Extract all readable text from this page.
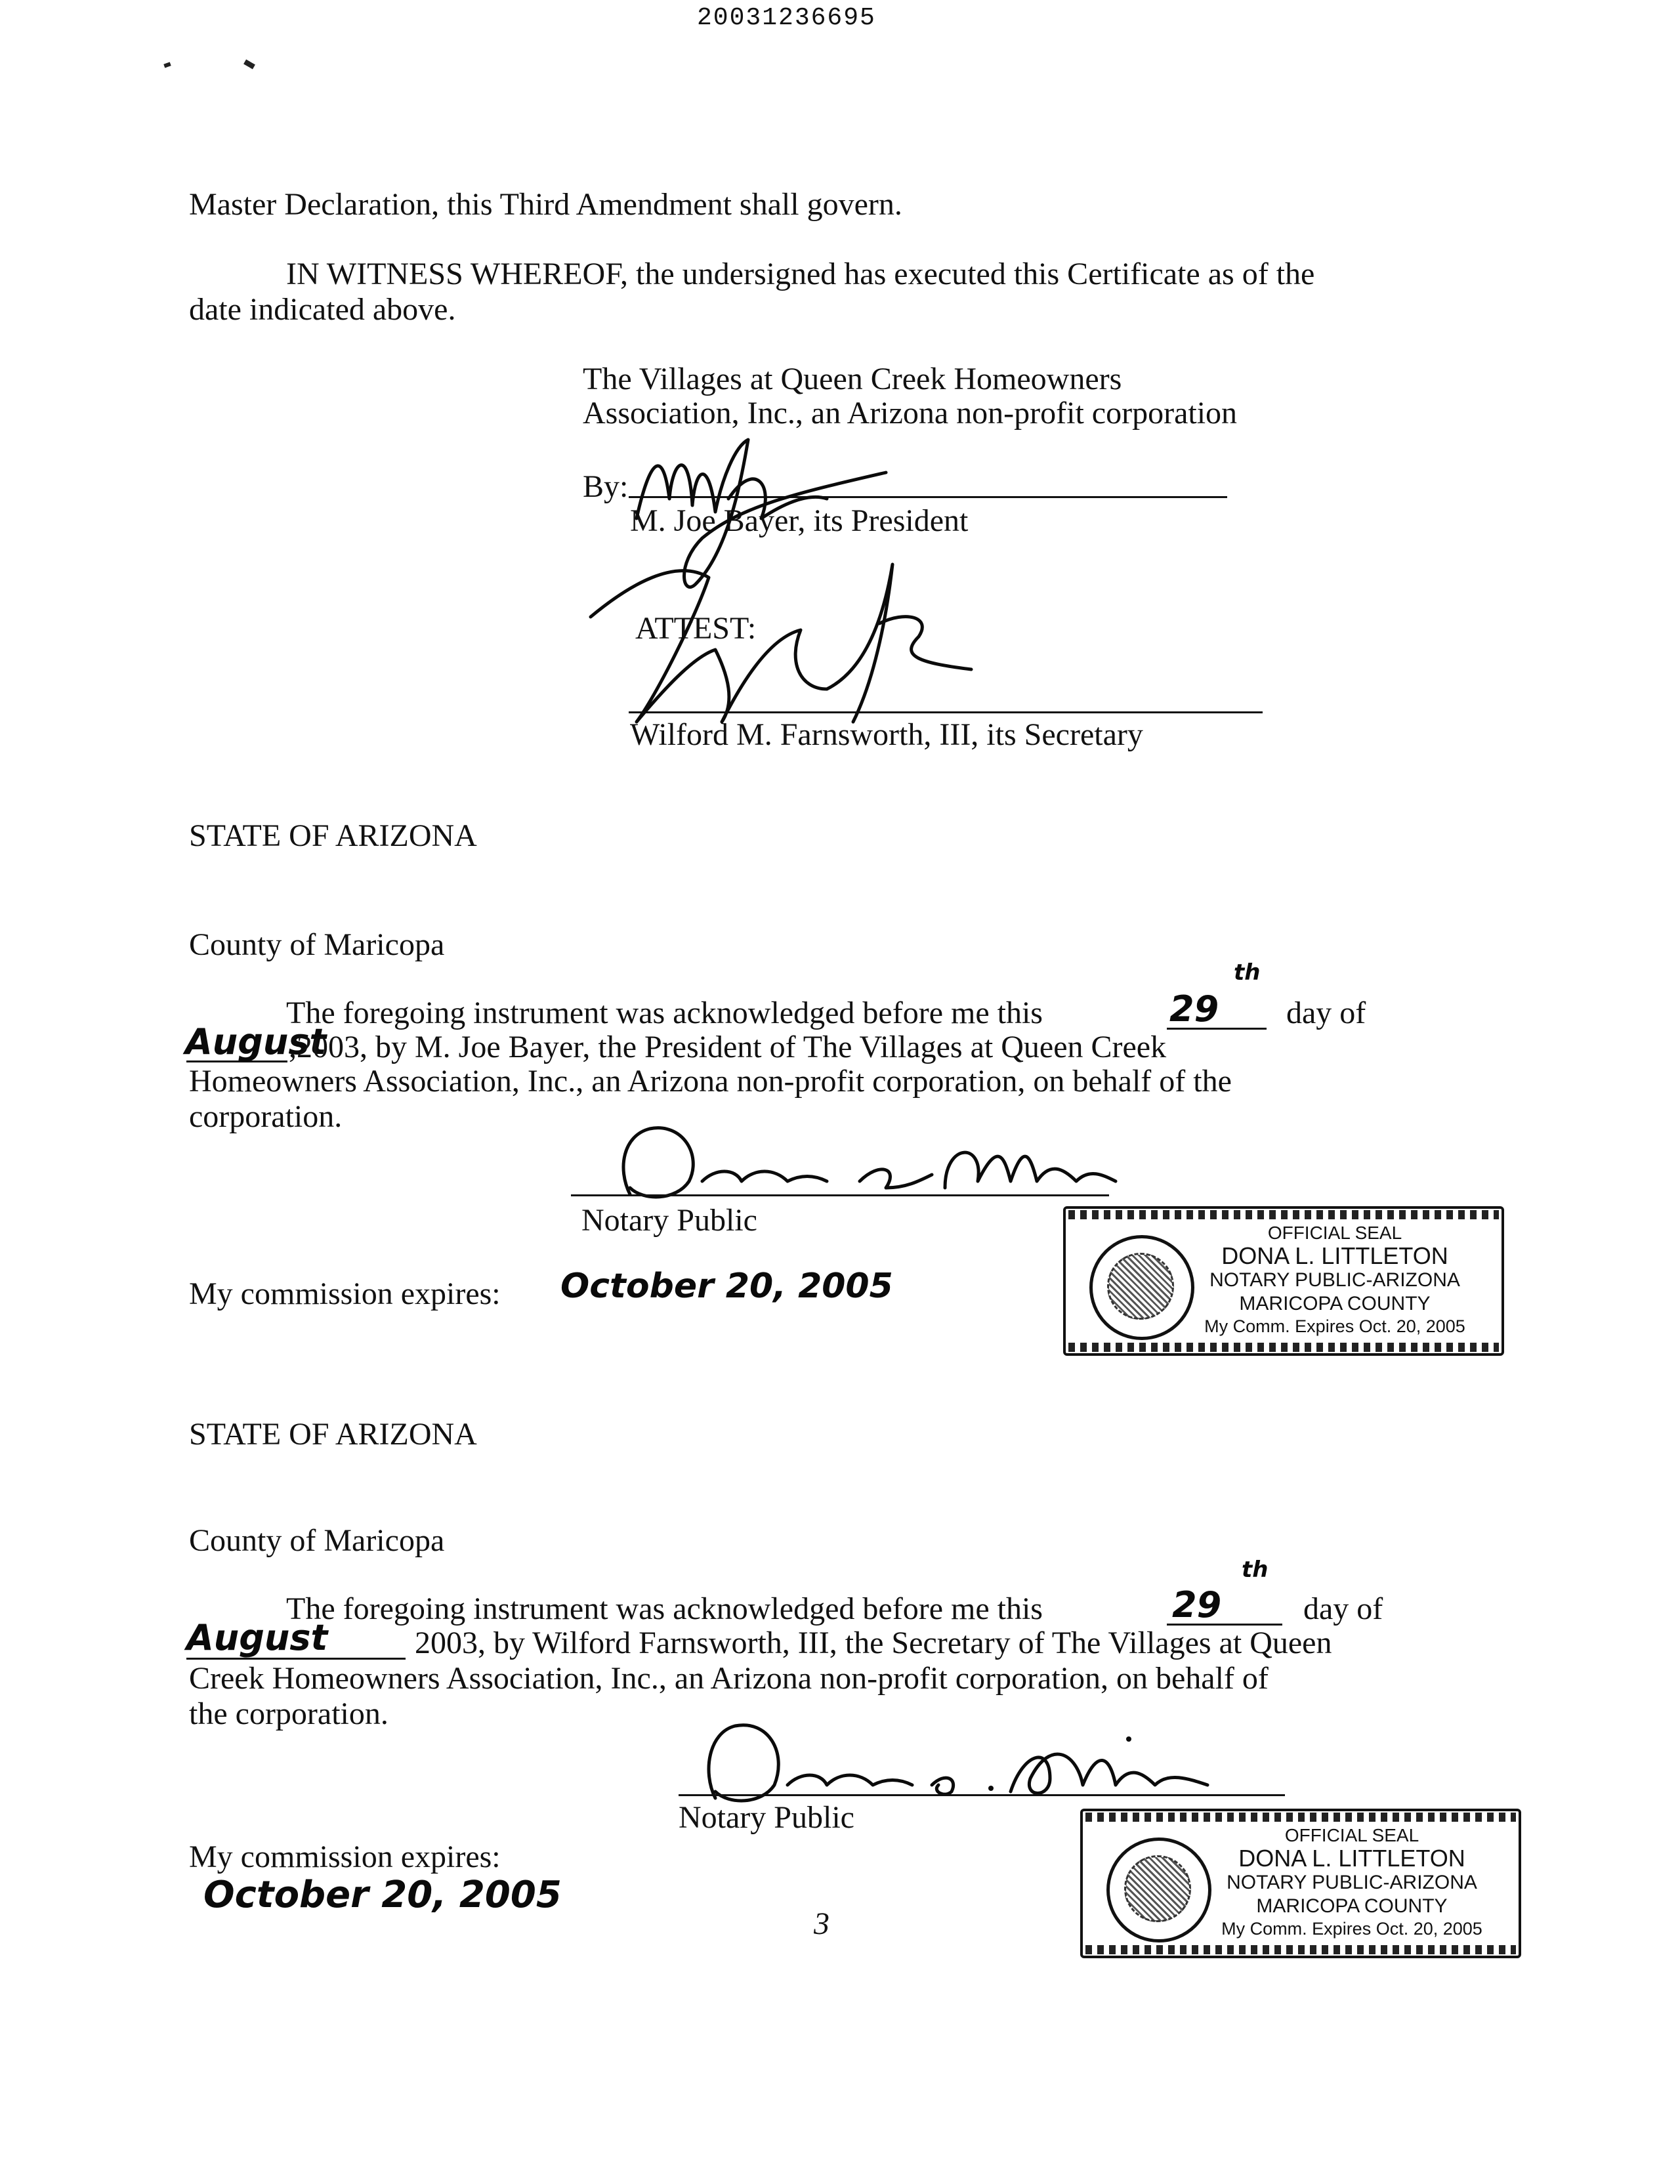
20031236695
Master Declaration, this Third Amendment shall govern.
IN WITNESS WHEREOF, the undersigned has executed this Certificate as of the
date indicated above.
The Villages at Queen Creek Homeowners
Association, Inc., an Arizona non-profit corporation
By:
M. Joe Bayer, its President
ATTEST:
Wilford M. Farnsworth, III, its Secretary
STATE OF ARIZONA
County of Maricopa
The foregoing instrument was acknowledged before me this	29
th
day of
August
,2003, by M. Joe Bayer, the President of The Villages at Queen Creek
Homeowners Association, Inc., an Arizona non-profit corporation, on behalf of the
corporation.
Notary Public
My commission expires: October 20, 2005
OFFICIAL SEAL
DONA L. LITTLETON
NOTARY PUBLIC-ARIZONA
MARICOPA COUNTY
My Comm. Expires Oct. 20, 2005
STATE OF ARIZONA
County of Maricopa
The foregoing instrument was acknowledged before me this	29
th
day of
August	2003, by Wilford Farnsworth, III, the Secretary of The Villages at Queen
Creek Homeowners Association, Inc., an Arizona non-profit corporation, on behalf of
the corporation.
Notary Public
My commission expires:
October 20, 2005
3
OFFICIAL SEAL
DONA L. LITTLETON
NOTARY PUBLIC-ARIZONA
MARICOPA COUNTY
My Comm. Expires Oct. 20, 2005
